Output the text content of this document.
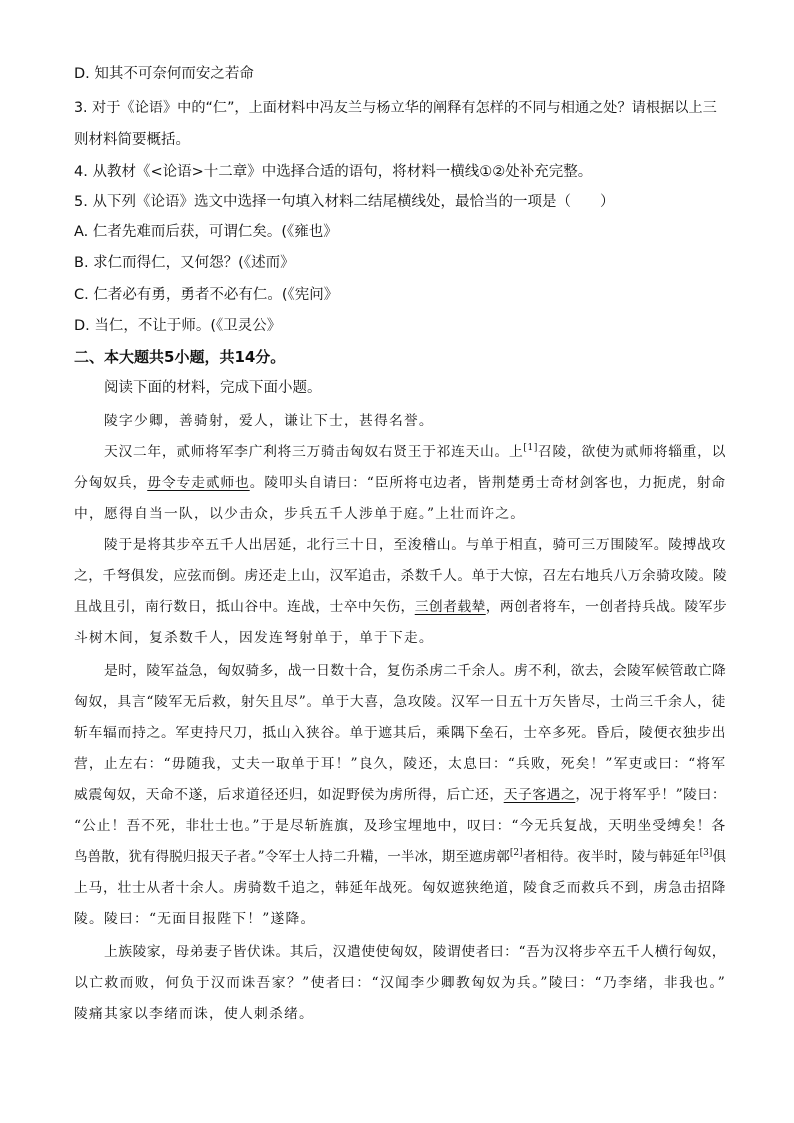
D. 知其不可奈何而安之若命
3. 对于《论语》中的“仁”，上面材料中冯友兰与杨立华的阐释有怎样的不同与相通之处？请根据以上三
则材料简要概括。
4. 从教材《<论语>十二章》中选择合适的语句，将材料一横线①②处补充完整。
5. 从下列《论语》选文中选择一句填入材料二结尾横线处，最恰当的一项是（　　）
A. 仁者先难而后获，可谓仁矣。(《雍也》
B. 求仁而得仁，又何怨？(《述而》
C. 仁者必有勇，勇者不必有仁。(《宪问》
D. 当仁，不让于师。(《卫灵公》
二、本大题共5小题，共14分。
阅读下面的材料，完成下面小题。
陵字少卿，善骑射，爱人，谦让下士，甚得名誉。
天汉二年，贰师将军李广利将三万骑击匈奴右贤王于祁连天山。上[1]召陵，欲使为贰师将辎重，以
分匈奴兵，毋令专走贰师也。陵叩头自请曰：“臣所将屯边者，皆荆楚勇士奇材剑客也，力扼虎，射命
中，愿得自当一队，以少击众，步兵五千人涉单于庭。”上壮而许之。
陵于是将其步卒五千人出居延，北行三十日，至浚稽山。与单于相直，骑可三万围陵军。陵搏战攻
之，千弩俱发，应弦而倒。虏还走上山，汉军追击，杀数千人。单于大惊，召左右地兵八万余骑攻陵。陵
且战且引，南行数日，抵山谷中。连战，士卒中矢伤，三创者载辇，两创者将车，一创者持兵战。陵军步
斗树木间，复杀数千人，因发连弩射单于，单于下走。
是时，陵军益急，匈奴骑多，战一日数十合，复伤杀虏二千余人。虏不利，欲去，会陵军候管敢亡降
匈奴，具言“陵军无后救，射矢且尽”。单于大喜，急攻陵。汉军一日五十万矢皆尽，士尚三千余人，徒
斩车辐而持之。军吏持尺刀，抵山入狭谷。单于遮其后，乘隅下垒石，士卒多死。昏后，陵便衣独步出
营，止左右：“毋随我，丈夫一取单于耳！”良久，陵还，太息曰：“兵败，死矣！”军吏或曰：“将军
威震匈奴，天命不遂，后求道径还归，如浞野侯为虏所得，后亡还，天子客遇之，况于将军乎！”陵曰：
“公止！吾不死，非壮士也。”于是尽斩旌旗，及珍宝埋地中，叹曰：“今无兵复战，天明坐受缚矣！各
鸟兽散，犹有得脱归报天子者。”令军士人持二升糒，一半冰，期至遮虏鄣[2]者相待。夜半时，陵与韩延年[3]俱
上马，壮士从者十余人。虏骑数千追之，韩延年战死。匈奴遮狭绝道，陵食乏而救兵不到，虏急击招降
陵。陵曰：“无面目报陛下！”遂降。
上族陵家，母弟妻子皆伏诛。其后，汉遣使使匈奴，陵谓使者曰：“吾为汉将步卒五千人横行匈奴，
以亡救而败，何负于汉而诛吾家？”使者曰：“汉闻李少卿教匈奴为兵。”陵曰：“乃李绪，非我也。”
陵痛其家以李绪而诛，使人刺杀绪。
